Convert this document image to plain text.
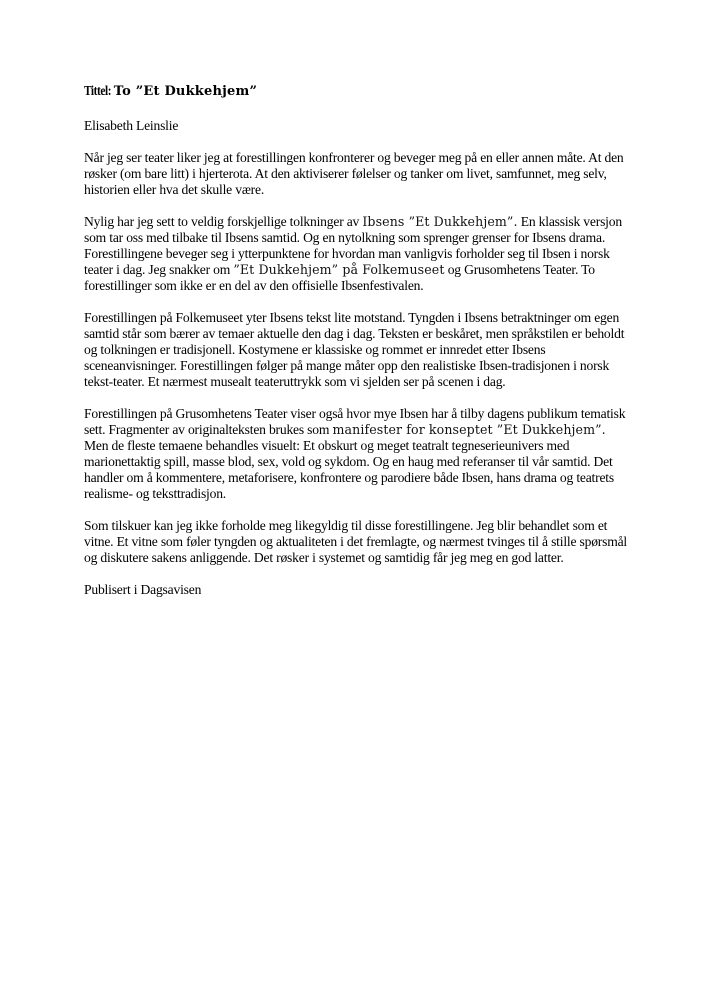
Tittel: To ”Et Dukkehjem”

Elisabeth Leinslie

Når jeg ser teater liker jeg at forestillingen konfronterer og beveger meg på en eller annen måte. At den røsker (om bare litt) i hjerterota. At den aktiviserer følelser og tanker om livet, samfunnet, meg selv, historien eller hva det skulle være.

Nylig har jeg sett to veldig forskjellige tolkninger av Ibsens ”Et Dukkehjem”. En klassisk versjon som tar oss med tilbake til Ibsens samtid. Og en nytolkning som sprenger grenser for Ibsens drama. Forestillingene beveger seg i ytterpunktene for hvordan man vanligvis forholder seg til Ibsen i norsk teater i dag. Jeg snakker om ”Et Dukkehjem” på Folkemuseet og Grusomhetens Teater. To forestillinger som ikke er en del av den offisielle Ibsenfestivalen.

Forestillingen på Folkemuseet yter Ibsens tekst lite motstand. Tyngden i Ibsens betraktninger om egen samtid står som bærer av temaer aktuelle den dag i dag. Teksten er beskåret, men språkstilen er beholdt og tolkningen er tradisjonell. Kostymene er klassiske og rommet er innredet etter Ibsens sceneanvisninger. Forestillingen følger på mange måter opp den realistiske Ibsen-tradisjonen i norsk tekst-teater. Et nærmest musealt teateruttrykk som vi sjelden ser på scenen i dag.

Forestillingen på Grusomhetens Teater viser også hvor mye Ibsen har å tilby dagens publikum tematisk sett. Fragmenter av originalteksten brukes som manifester for konseptet ”Et Dukkehjem”. Men de fleste temaene behandles visuelt: Et obskurt og meget teatralt tegneserieunivers med marionettaktig spill, masse blod, sex, vold og sykdom. Og en haug med referanser til vår samtid. Det handler om å kommentere, metaforisere, konfrontere og parodiere både Ibsen, hans drama og teatrets realisme- og teksttradisjon.

Som tilskuer kan jeg ikke forholde meg likegyldig til disse forestillingene. Jeg blir behandlet som et vitne. Et vitne som føler tyngden og aktualiteten i det fremlagte, og nærmest tvinges til å stille spørsmål og diskutere sakens anliggende. Det røsker i systemet og samtidig får jeg meg en god latter.

Publisert i Dagsavisen
